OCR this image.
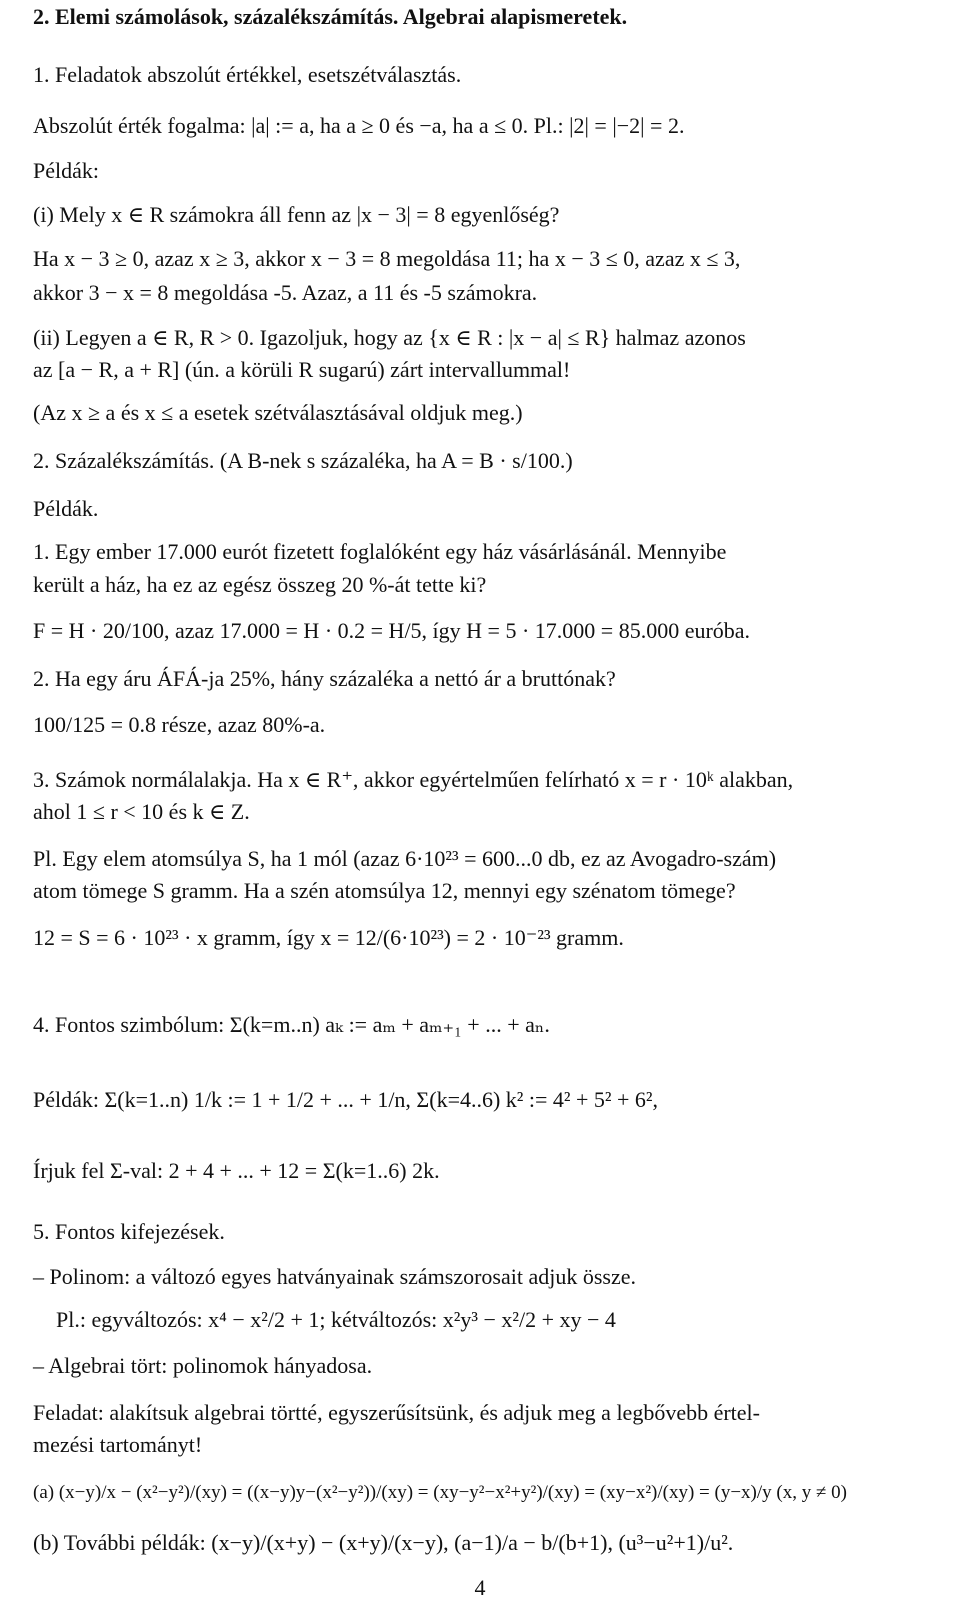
2. Elemi számolások, százalékszámítás. Algebrai alapismeretek.
1. Feladatok abszolút értékkel, esetszétválasztás.
Abszolút érték fogalma: |a| := a, ha a ≥ 0 és −a, ha a ≤ 0. Pl.: |2| = |−2| = 2.
Példák:
(i) Mely x ∈ R számokra áll fenn az |x − 3| = 8 egyenlőség?
Ha x − 3 ≥ 0, azaz x ≥ 3, akkor x − 3 = 8 megoldása 11; ha x − 3 ≤ 0, azaz x ≤ 3,
akkor 3 − x = 8 megoldása -5. Azaz, a 11 és -5 számokra.
(ii) Legyen a ∈ R, R > 0. Igazoljuk, hogy az {x ∈ R : |x − a| ≤ R} halmaz azonos
az [a − R, a + R] (ún. a körüli R sugarú) zárt intervallummal!
(Az x ≥ a és x ≤ a esetek szétválasztásával oldjuk meg.)
2. Százalékszámítás. (A B-nek s százaléka, ha A = B · s/100.)
Példák.
1. Egy ember 17.000 eurót fizetett foglalóként egy ház vásárlásánál. Mennyibe
került a ház, ha ez az egész összeg 20 %-át tette ki?
F = H · 20/100, azaz 17.000 = H · 0.2 = H/5, így H = 5 · 17.000 = 85.000 euróba.
2. Ha egy áru ÁFÁ-ja 25%, hány százaléka a nettó ár a bruttónak?
100/125 = 0.8 része, azaz 80%-a.
3. Számok normálalakja. Ha x ∈ R⁺, akkor egyértelműen felírható x = r · 10ᵏ alakban,
ahol 1 ≤ r < 10 és k ∈ Z.
Pl. Egy elem atomsúlya S, ha 1 mól (azaz 6·10²³ = 600...0 db, ez az Avogadro-szám)
atom tömege S gramm. Ha a szén atomsúlya 12, mennyi egy szénatom tömege?
12 = S = 6 · 10²³ · x gramm, így x = 12/(6·10²³) = 2 · 10⁻²³ gramm.
4. Fontos szimbólum: Σ(k=m..n) aₖ := aₘ + aₘ₊₁ + ... + aₙ.
Példák: Σ(k=1..n) 1/k := 1 + 1/2 + ... + 1/n, Σ(k=4..6) k² := 4² + 5² + 6²,
Írjuk fel Σ-val: 2 + 4 + ... + 12 = Σ(k=1..6) 2k.
5. Fontos kifejezések.
– Polinom: a változó egyes hatványainak számszorosait adjuk össze.
Pl.: egyváltozós: x⁴ − x²/2 + 1; kétváltozós: x²y³ − x²/2 + xy − 4
– Algebrai tört: polinomok hányadosa.
Feladat: alakítsuk algebrai törtté, egyszerűsítsünk, és adjuk meg a legbővebb értel-
mezési tartományt!
(a) (x−y)/x − (x²−y²)/(xy) = ((x−y)y−(x²−y²))/(xy) = (xy−y²−x²+y²)/(xy) = (xy−x²)/(xy) = (y−x)/y (x, y ≠ 0)
(b) További példák: (x−y)/(x+y) − (x+y)/(x−y), (a−1)/a − b/(b+1), (u³−u²+1)/u².
4
